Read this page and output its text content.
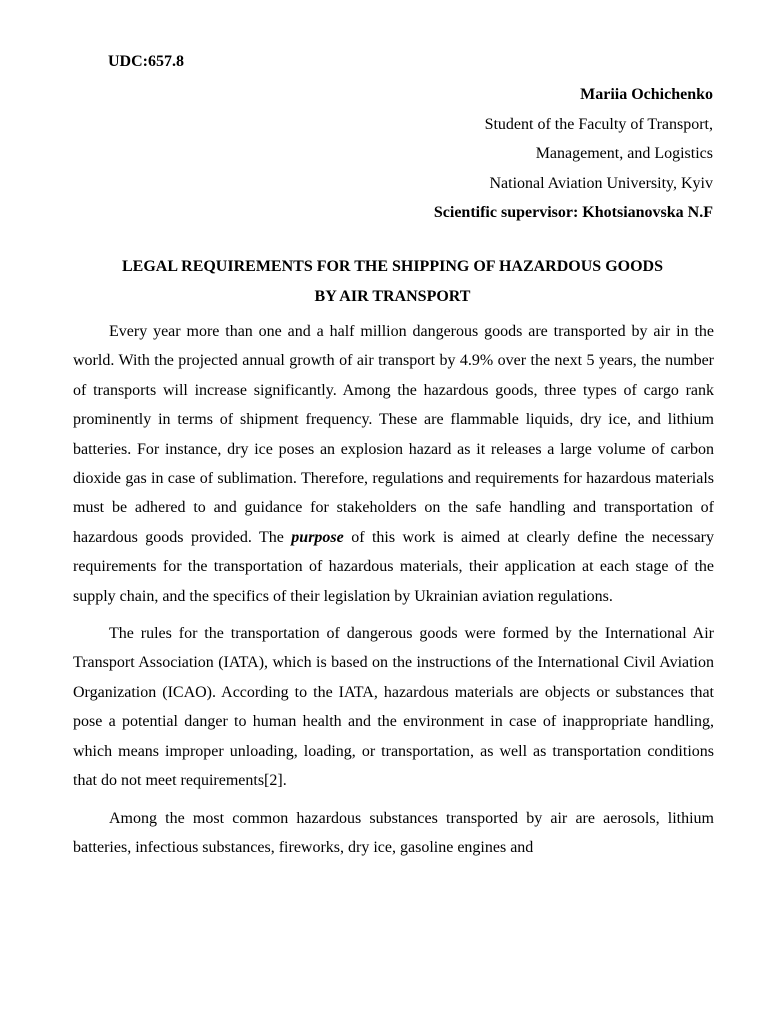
UDC:657.8
Mariia Ochichenko
Student of the Faculty of Transport,
Management, and Logistics
National Aviation University, Kyiv
Scientific supervisor: Khotsianovska N.F
LEGAL REQUIREMENTS FOR THE SHIPPING OF HAZARDOUS GOODS
BY AIR TRANSPORT

Every year more than one and a half million dangerous goods are transported by air in the world. With the projected annual growth of air transport by 4.9% over the next 5 years, the number of transports will increase significantly. Among the hazardous goods, three types of cargo rank prominently in terms of shipment frequency. These are flammable liquids, dry ice, and lithium batteries. For instance, dry ice poses an explosion hazard as it releases a large volume of carbon dioxide gas in case of sublimation. Therefore, regulations and requirements for hazardous materials must be adhered to and guidance for stakeholders on the safe handling and transportation of hazardous goods provided. The purpose of this work is aimed at clearly define the necessary requirements for the transportation of hazardous materials, their application at each stage of the supply chain, and the specifics of their legislation by Ukrainian aviation regulations.

The rules for the transportation of dangerous goods were formed by the International Air Transport Association (IATA), which is based on the instructions of the International Civil Aviation Organization (ICAO). According to the IATA, hazardous materials are objects or substances that pose a potential danger to human health and the environment in case of inappropriate handling, which means improper unloading, loading, or transportation, as well as transportation conditions that do not meet requirements[2].

Among the most common hazardous substances transported by air are aerosols, lithium batteries, infectious substances, fireworks, dry ice, gasoline engines and
